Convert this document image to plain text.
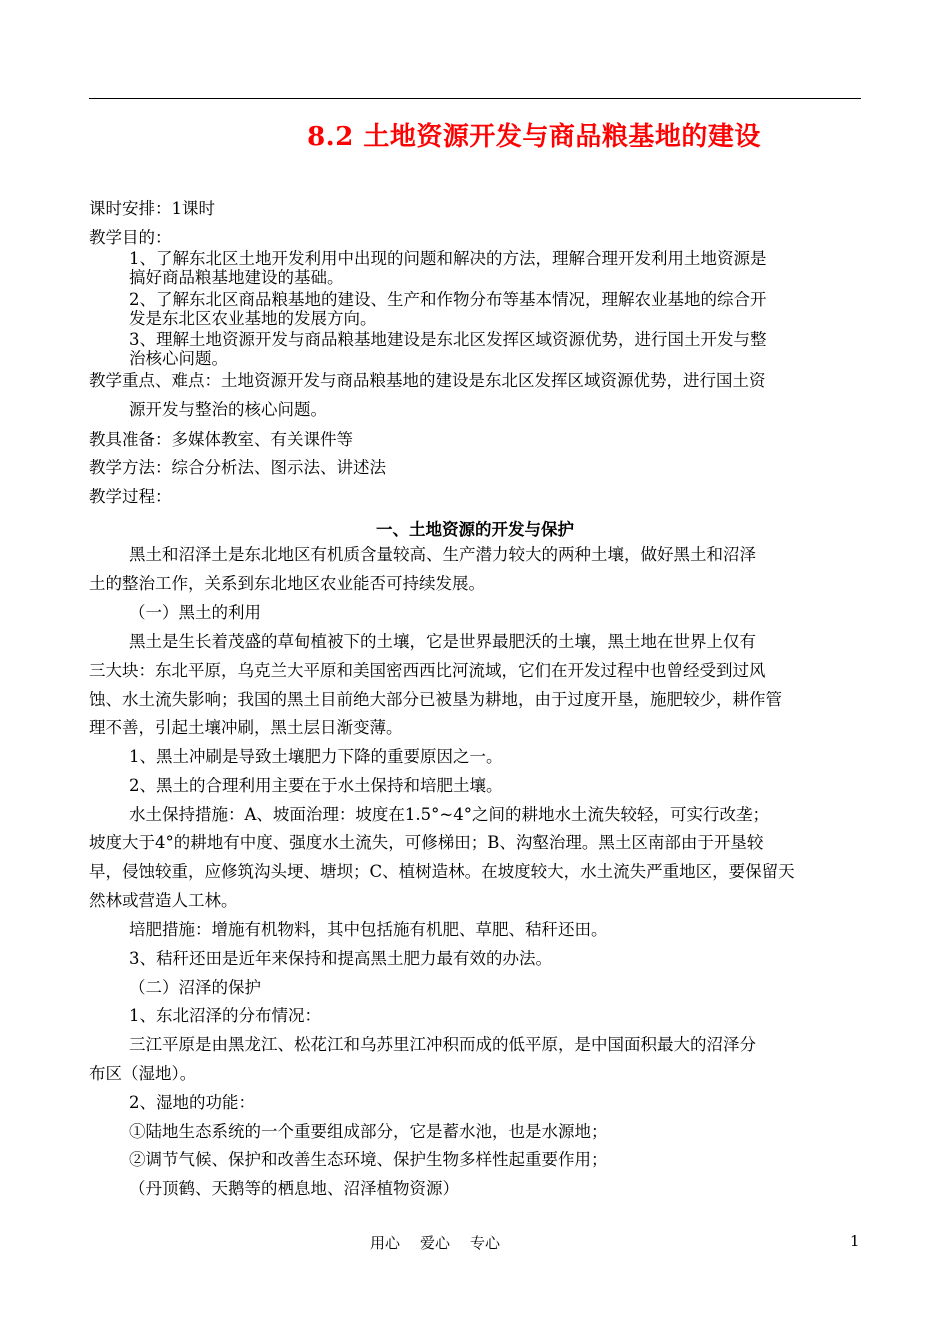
8.2 土地资源开发与商品粮基地的建设
课时安排：1课时
教学目的：
1、了解东北区土地开发利用中出现的问题和解决的方法，理解合理开发利用土地资源是
搞好商品粮基地建设的基础。
2、了解东北区商品粮基地的建设、生产和作物分布等基本情况，理解农业基地的综合开
发是东北区农业基地的发展方向。
3、理解土地资源开发与商品粮基地建设是东北区发挥区域资源优势，进行国土开发与整
治核心问题。
教学重点、难点：土地资源开发与商品粮基地的建设是东北区发挥区域资源优势，进行国土资
源开发与整治的核心问题。
教具准备：多媒体教室、有关课件等
教学方法：综合分析法、图示法、讲述法
教学过程：
一、土地资源的开发与保护
黑土和沼泽土是东北地区有机质含量较高、生产潜力较大的两种土壤，做好黑土和沼泽
土的整治工作，关系到东北地区农业能否可持续发展。
（一）黑土的利用
黑土是生长着茂盛的草甸植被下的土壤，它是世界最肥沃的土壤，黑土地在世界上仅有
三大块：东北平原，乌克兰大平原和美国密西西比河流域，它们在开发过程中也曾经受到过风
蚀、水土流失影响；我国的黑土目前绝大部分已被垦为耕地，由于过度开垦，施肥较少，耕作管
理不善，引起土壤冲刷，黑土层日渐变薄。
1、黑土冲刷是导致土壤肥力下降的重要原因之一。
2、黑土的合理利用主要在于水土保持和培肥土壤。
水土保持措施：A、坡面治理：坡度在1.5°~4°之间的耕地水土流失较轻，可实行改垄；
坡度大于4°的耕地有中度、强度水土流失，可修梯田；B、沟壑治理。黑土区南部由于开垦较
早，侵蚀较重，应修筑沟头埂、塘坝；C、植树造林。在坡度较大，水土流失严重地区，要保留天
然林或营造人工林。
培肥措施：增施有机物料，其中包括施有机肥、草肥、秸秆还田。
3、秸秆还田是近年来保持和提高黑土肥力最有效的办法。
（二）沼泽的保护
1、东北沼泽的分布情况：
三江平原是由黑龙江、松花江和乌苏里江冲积而成的低平原，是中国面积最大的沼泽分
布区（湿地）。
2、湿地的功能：
①陆地生态系统的一个重要组成部分，它是蓄水池，也是水源地；
②调节气候、保护和改善生态环境、保护生物多样性起重要作用；
（丹顶鹤、天鹅等的栖息地、沼泽植物资源）
用心 爱心 专心	1
